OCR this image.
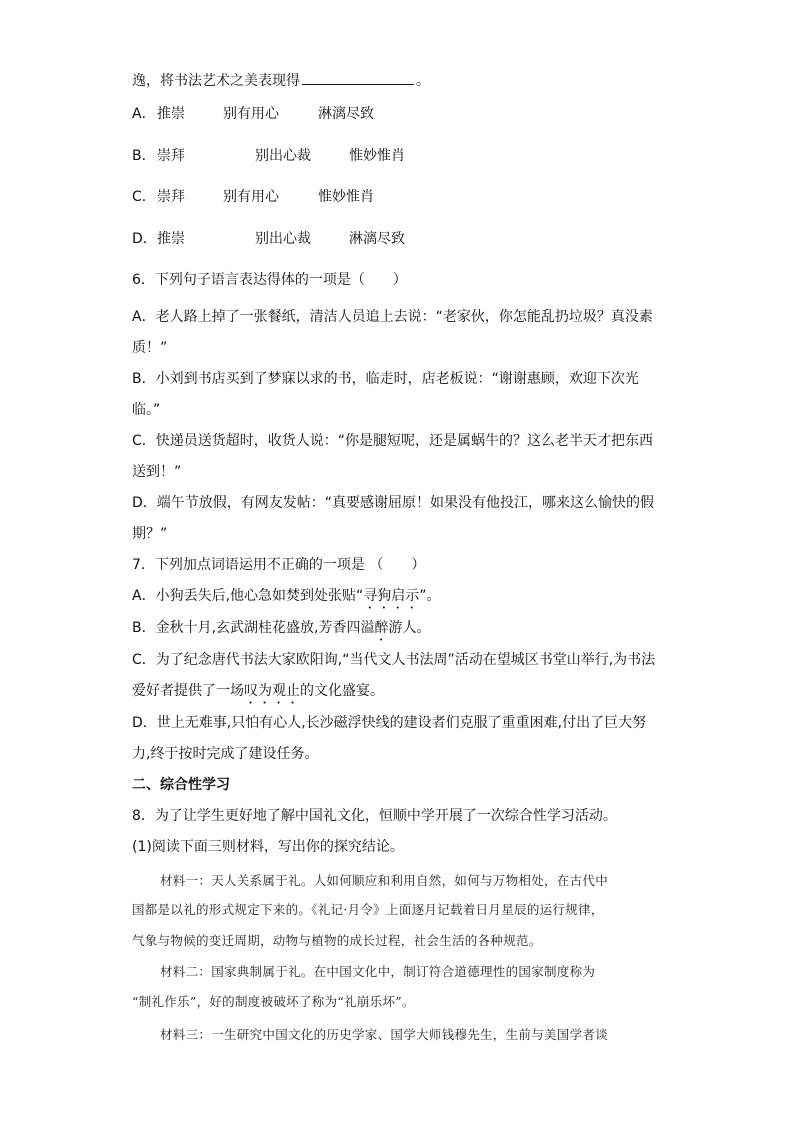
逸，将书法艺术之美表现得	。
A． 推崇	别有用心	淋漓尽致
B． 崇拜	别出心裁	惟妙惟肖
C． 崇拜	别有用心	惟妙惟肖
D． 推崇	别出心裁	淋漓尽致
6．下列句子语言表达得体的一项是（　　）
A．老人路上掉了一张餐纸，清洁人员追上去说：“老家伙，你怎能乱扔垃圾？真没素
质！”
B．小刘到书店买到了梦寐以求的书，临走时，店老板说：“谢谢惠顾，欢迎下次光
临。”
C．快递员送货超时，收货人说：“你是腿短呢，还是属蜗牛的？这么老半天才把东西
送到！”
D．端午节放假，有网友发帖：“真要感谢屈原！如果没有他投江，哪来这么愉快的假
期？”
7．下列加点词语运用不正确的一项是 （　　）
A．小狗丢失后,他心急如焚到处张贴“寻狗启示”。
B．金秋十月,玄武湖桂花盛放,芳香四溢醉游人。
C．为了纪念唐代书法大家欧阳询,“当代文人书法周”活动在望城区书堂山举行,为书法
爱好者提供了一场叹为观止的文化盛宴。
D．世上无难事,只怕有心人,长沙磁浮快线的建设者们克服了重重困难,付出了巨大努
力,终于按时完成了建设任务。
二、综合性学习
8．为了让学生更好地了解中国礼文化，恒顺中学开展了一次综合性学习活动。
(1)阅读下面三则材料，写出你的探究结论。
材料一：天人关系属于礼。人如何顺应和利用自然，如何与万物相处，在古代中
国都是以礼的形式规定下来的。《礼记·月令》上面逐月记载着日月星辰的运行规律，
气象与物候的变迁周期，动物与植物的成长过程，社会生活的各种规范。
材料二：国家典制属于礼。在中国文化中，制订符合道德理性的国家制度称为
“制礼作乐”，好的制度被破坏了称为“礼崩乐坏”。
材料三：一生研究中国文化的历史学家、国学大师钱穆先生，生前与美国学者谈
